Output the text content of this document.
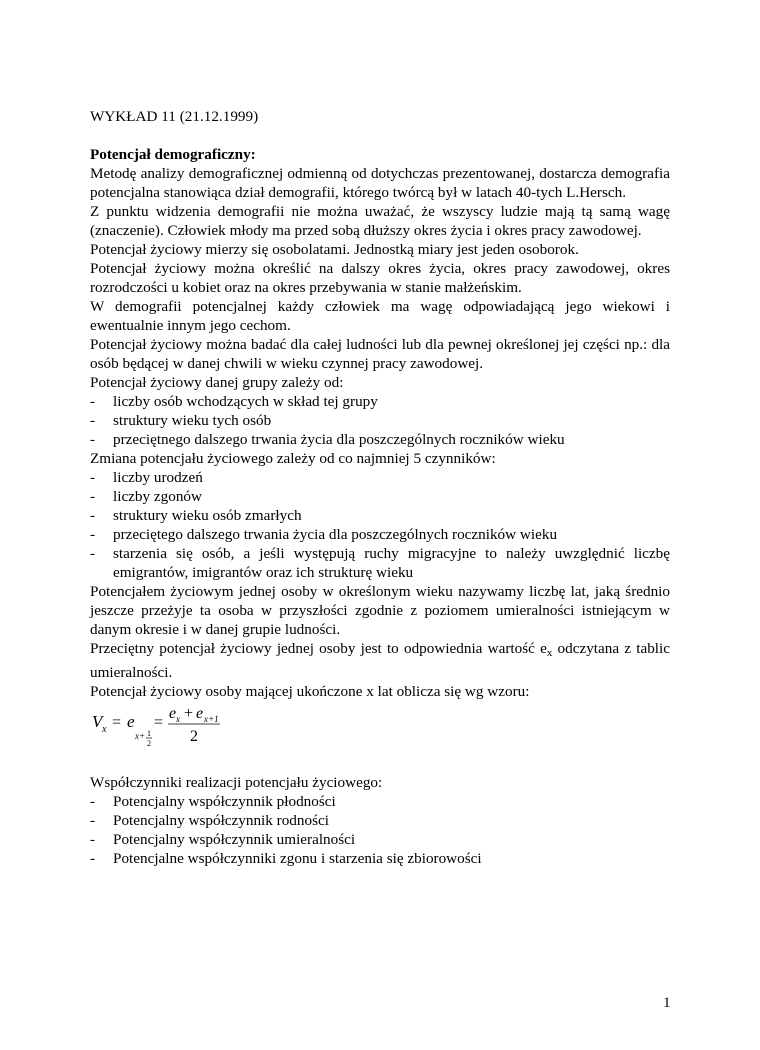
WYKŁAD 11 (21.12.1999)

Potencjał demograficzny:

Metodę analizy demograficznej odmienną od dotychczas prezentowanej, dostarcza demografia potencjalna stanowiąca dział demografii, którego twórcą był w latach 40-tych L.Hersch.

Z punktu widzenia demografii nie można uważać, że wszyscy ludzie mają tą samą wagę (znaczenie). Człowiek młody ma przed sobą dłuższy okres życia i okres pracy zawodowej.

Potencjał życiowy mierzy się osobolatami. Jednostką miary jest jeden osoborok.

Potencjał życiowy można określić na dalszy okres życia, okres pracy zawodowej, okres rozrodczości u kobiet oraz na okres przebywania w stanie małżeńskim.

W demografii potencjalnej każdy człowiek ma wagę odpowiadającą jego wiekowi i ewentualnie innym jego cechom.

Potencjał życiowy można badać dla całej ludności lub dla pewnej określonej jej części np.: dla osób będącej w danej chwili w wieku czynnej pracy zawodowej.

Potencjał życiowy danej grupy zależy od:

- liczby osób wchodzących w skład tej grupy
- struktury wieku tych osób
- przeciętnego dalszego trwania życia dla poszczególnych roczników wieku

Zmiana potencjału życiowego zależy od co najmniej 5 czynników:

- liczby urodzeń
- liczby zgonów
- struktury wieku osób zmarłych
- przeciętego dalszego trwania życia dla poszczególnych roczników wieku
- starzenia się osób, a jeśli występują ruchy migracyjne to należy uwzględnić liczbę emigrantów, imigrantów oraz ich strukturę wieku

Potencjałem życiowym jednej osoby w określonym wieku nazywamy liczbę lat, jaką średnio jeszcze przeżyje ta osoba w przyszłości zgodnie z poziomem umieralności istniejącym w danym okresie i w danej grupie ludności.

Przeciętny potencjał życiowy jednej osoby jest to odpowiednia wartość $e_x$ odczytana z tablic umieralności.

Potencjał życiowy osoby mającej ukończone x lat oblicza się wg wzoru:

V x = e
x+ 1
2
=
e x + e x+1
2

Współczynniki realizacji potencjału życiowego:

- Potencjalny współczynnik płodności
- Potencjalny współczynnik rodności
- Potencjalny współczynnik umieralności
- Potencjalne współczynniki zgonu i starzenia się zbiorowości
1
